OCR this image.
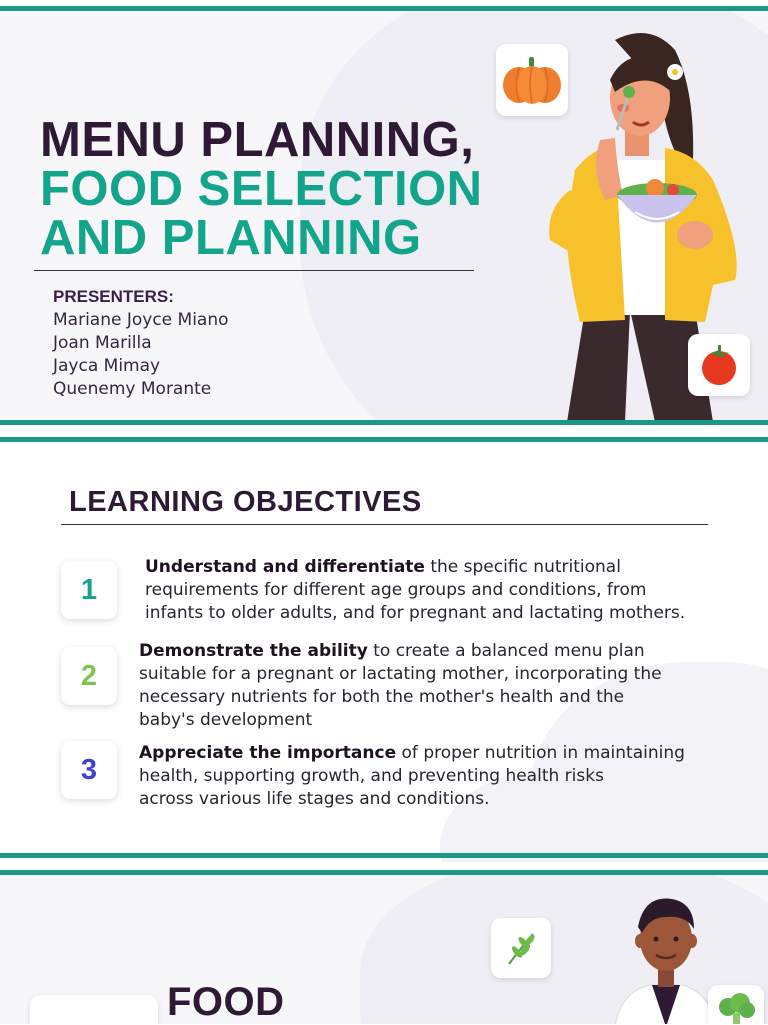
MENU PLANNING,
FOOD SELECTION
AND PLANNING
PRESENTERS:
Mariane Joyce Miano
Joan Marilla
Jayca Mimay
Quenemy Morante
LEARNING OBJECTIVES
1
Understand and differentiate the specific nutritional
requirements for different age groups and conditions, from
infants to older adults, and for pregnant and lactating mothers.
2
Demonstrate the ability to create a balanced menu plan
suitable for a pregnant or lactating mother, incorporating the
necessary nutrients for both the mother's health and the
baby's development
3
Appreciate the importance of proper nutrition in maintaining
health, supporting growth, and preventing health risks
across various life stages and conditions.
FOOD
